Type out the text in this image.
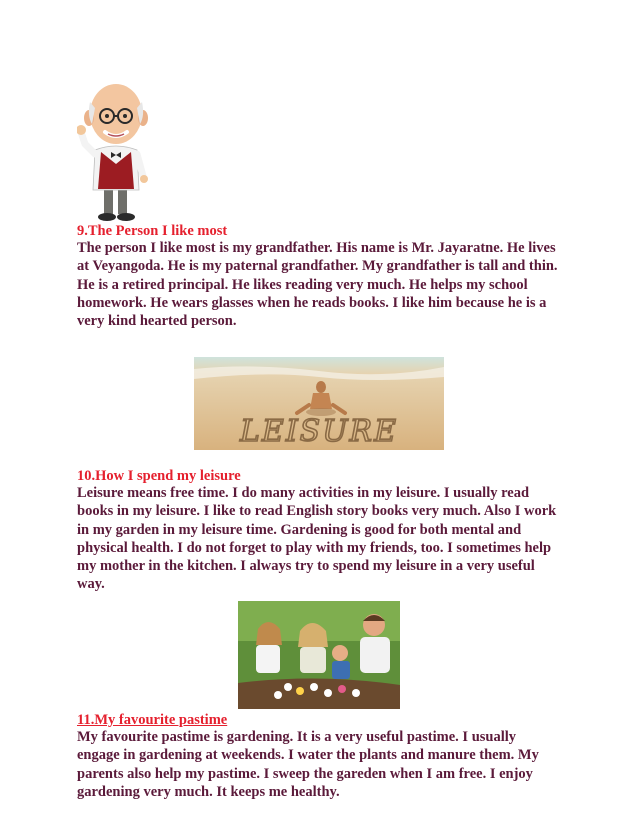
9.The Person I like most
The person I like most is my grandfather. His name is Mr. Jayaratne. He lives
at Veyangoda. He is my paternal grandfather. My grandfather is tall and thin.
He is a retired principal. He likes reading very much. He helps my school
homework. He wears glasses when he reads books. I like him because he is a
very kind hearted person.
LEISURE
10.How I spend my leisure
Leisure means free time. I do many activities in my leisure. I usually read
books in my leisure. I like to read English story books very much. Also I work
in my garden in my leisure time. Gardening is good for both mental and
physical health. I do not forget to play with my friends, too. I sometimes help
my mother in the kitchen. I always try to spend my leisure in a very useful
way.
11.My favourite pastime
My favourite pastime is gardening. It is a very useful pastime. I usually
engage in gardening at weekends. I water the plants and manure them. My
parents also help my pastime. I sweep the gareden when I am free. I enjoy
gardening very much. It keeps me healthy.
